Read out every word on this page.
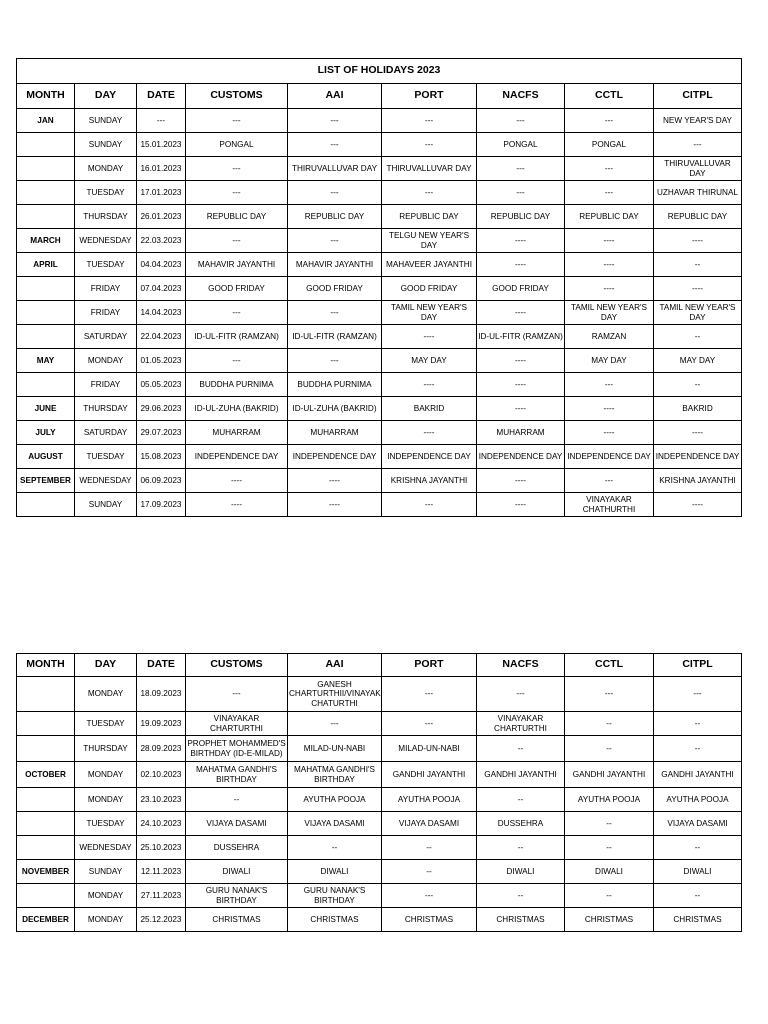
LIST OF HOLIDAYS 2023								
MONTH	DAY	DATE	CUSTOMS	AAI	PORT	NACFS	CCTL	CITPL
JAN	SUNDAY	---	---	---	---	---	---	NEW YEAR'S DAY
	SUNDAY	15.01.2023	PONGAL	---	---	PONGAL	PONGAL	---
	MONDAY	16.01.2023	---	THIRUVALLUVAR DAY	THIRUVALLUVAR DAY	---	---	THIRUVALLUVAR DAY
	TUESDAY	17.01.2023	---	---	---	---	---	UZHAVAR THIRUNAL
	THURSDAY	26.01.2023	REPUBLIC DAY	REPUBLIC DAY	REPUBLIC DAY	REPUBLIC DAY	REPUBLIC DAY	REPUBLIC DAY
MARCH	WEDNESDAY	22.03.2023	---	---	TELGU NEW YEAR'S DAY	----	----	----
APRIL	TUESDAY	04.04.2023	MAHAVIR JAYANTHI	MAHAVIR JAYANTHI	MAHAVEER JAYANTHI	----	----	--
	FRIDAY	07.04.2023	GOOD FRIDAY	GOOD FRIDAY	GOOD FRIDAY	GOOD FRIDAY	----	----
	FRIDAY	14.04.2023	---	---	TAMIL NEW YEAR'S DAY	----	TAMIL NEW YEAR'S DAY	TAMIL NEW YEAR'S DAY
	SATURDAY	22.04.2023	ID-UL-FITR (RAMZAN)	ID-UL-FITR (RAMZAN)	----	ID-UL-FITR (RAMZAN)	RAMZAN	--
MAY	MONDAY	01.05.2023	---	---	MAY DAY	----	MAY DAY	MAY DAY
	FRIDAY	05.05.2023	BUDDHA PURNIMA	BUDDHA PURNIMA	----	----	---	--
JUNE	THURSDAY	29.06.2023	ID-UL-ZUHA (BAKRID)	ID-UL-ZUHA (BAKRID)	BAKRID	----	----	BAKRID
JULY	SATURDAY	29.07.2023	MUHARRAM	MUHARRAM	----	MUHARRAM	----	----
AUGUST	TUESDAY	15.08.2023	INDEPENDENCE DAY	INDEPENDENCE DAY	INDEPENDENCE DAY	INDEPENDENCE DAY	INDEPENDENCE DAY	INDEPENDENCE DAY
SEPTEMBER	WEDNESDAY	06.09.2023	----	----	KRISHNA JAYANTHI	----	---	KRISHNA JAYANTHI
	SUNDAY	17.09.2023	----	----	---	----	VINAYAKAR CHATHURTHI	----
MONTH	DAY	DATE	CUSTOMS	AAI	PORT	NACFS	CCTL	CITPL
	MONDAY	18.09.2023	---	GANESH CHARTURTHII/VINAYAK CHATURTHI	---	---	---	---
	TUESDAY	19.09.2023	VINAYAKAR CHARTURTHI	---	---	VINAYAKAR CHARTURTHI	--	--
	THURSDAY	28.09.2023	PROPHET MOHAMMED'S BIRTHDAY (ID-E-MILAD)	MILAD-UN-NABI	MILAD-UN-NABI	--	--	--
OCTOBER	MONDAY	02.10.2023	MAHATMA GANDHI'S BIRTHDAY	MAHATMA GANDHI'S BIRTHDAY	GANDHI JAYANTHI	GANDHI JAYANTHI	GANDHI JAYANTHI	GANDHI JAYANTHI
	MONDAY	23.10.2023	--	AYUTHA POOJA	AYUTHA POOJA	--	AYUTHA POOJA	AYUTHA POOJA
	TUESDAY	24.10.2023	VIJAYA DASAMI	VIJAYA DASAMI	VIJAYA DASAMI	DUSSEHRA	--	VIJAYA DASAMI
	WEDNESDAY	25.10.2023	DUSSEHRA	--	--	--	--	--
NOVEMBER	SUNDAY	12.11.2023	DIWALI	DIWALI	--	DIWALI	DIWALI	DIWALI
	MONDAY	27.11.2023	GURU NANAK'S BIRTHDAY	GURU NANAK'S BIRTHDAY	---	--	--	--
DECEMBER	MONDAY	25.12.2023	CHRISTMAS	CHRISTMAS	CHRISTMAS	CHRISTMAS	CHRISTMAS	CHRISTMAS
